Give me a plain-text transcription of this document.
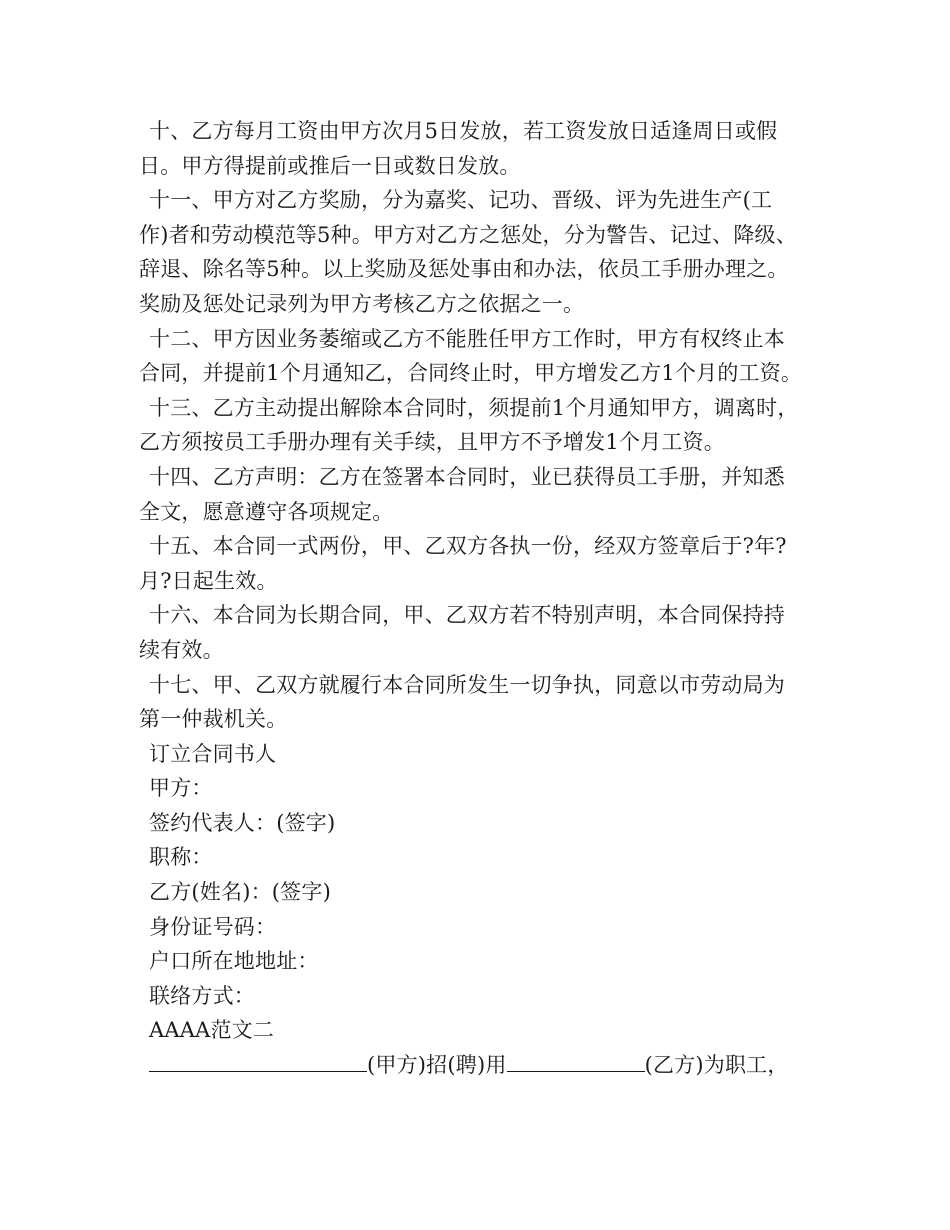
十、乙方每月工资由甲方次月5日发放，若工资发放日适逢周日或假
日。甲方得提前或推后一日或数日发放。
十一、甲方对乙方奖励，分为嘉奖、记功、晋级、评为先进生产(工
作)者和劳动模范等5种。甲方对乙方之惩处，分为警告、记过、降级、
辞退、除名等5种。以上奖励及惩处事由和办法，依员工手册办理之。
奖励及惩处记录列为甲方考核乙方之依据之一。
十二、甲方因业务萎缩或乙方不能胜任甲方工作时，甲方有权终止本
合同，并提前1个月通知乙，合同终止时，甲方增发乙方1个月的工资。
十三、乙方主动提出解除本合同时，须提前1个月通知甲方，调离时，
乙方须按员工手册办理有关手续，且甲方不予增发1个月工资。
十四、乙方声明：乙方在签署本合同时，业已获得员工手册，并知悉
全文，愿意遵守各项规定。
十五、本合同一式两份，甲、乙双方各执一份，经双方签章后于?年?
月?日起生效。
十六、本合同为长期合同，甲、乙双方若不特别声明，本合同保持持
续有效。
十七、甲、乙双方就履行本合同所发生一切争执，同意以市劳动局为
第一仲裁机关。
订立合同书人
甲方：
签约代表人：(签字)
职称：
乙方(姓名)：(签字)
身份证号码：
户口所在地地址：
联络方式：
AAAA范文二
(甲方)招(聘)用	(乙方)为职工，
